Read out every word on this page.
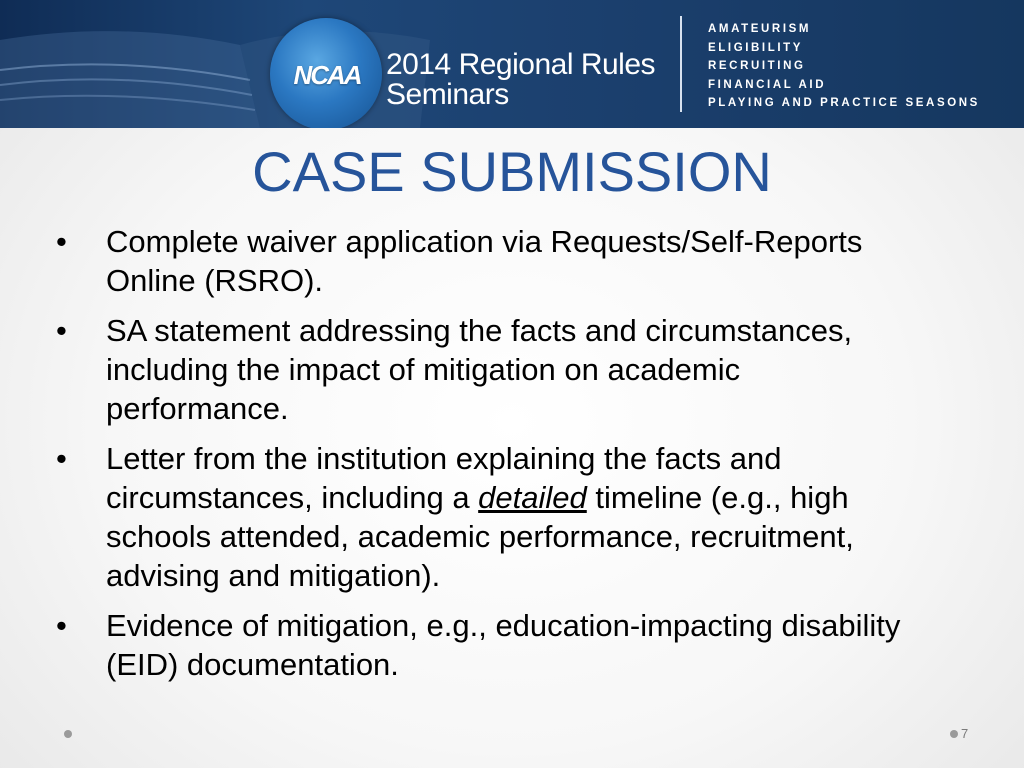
NCAA 2014 Regional Rules
Seminars
AMATEURISM
ELIGIBILITY
RECRUITING
FINANCIAL AID
PLAYING AND PRACTICE SEASONS
CASE SUBMISSION
•	Complete waiver application via Requests/Self-Reports Online (RSRO).
•	SA statement addressing the facts and circumstances, including the impact of mitigation on academic performance.
•	Letter from the institution explaining the facts and circumstances, including a detailed timeline (e.g., high schools attended, academic performance, recruitment, advising and mitigation).
•	Evidence of mitigation, e.g., education-impacting disability (EID) documentation.
7
